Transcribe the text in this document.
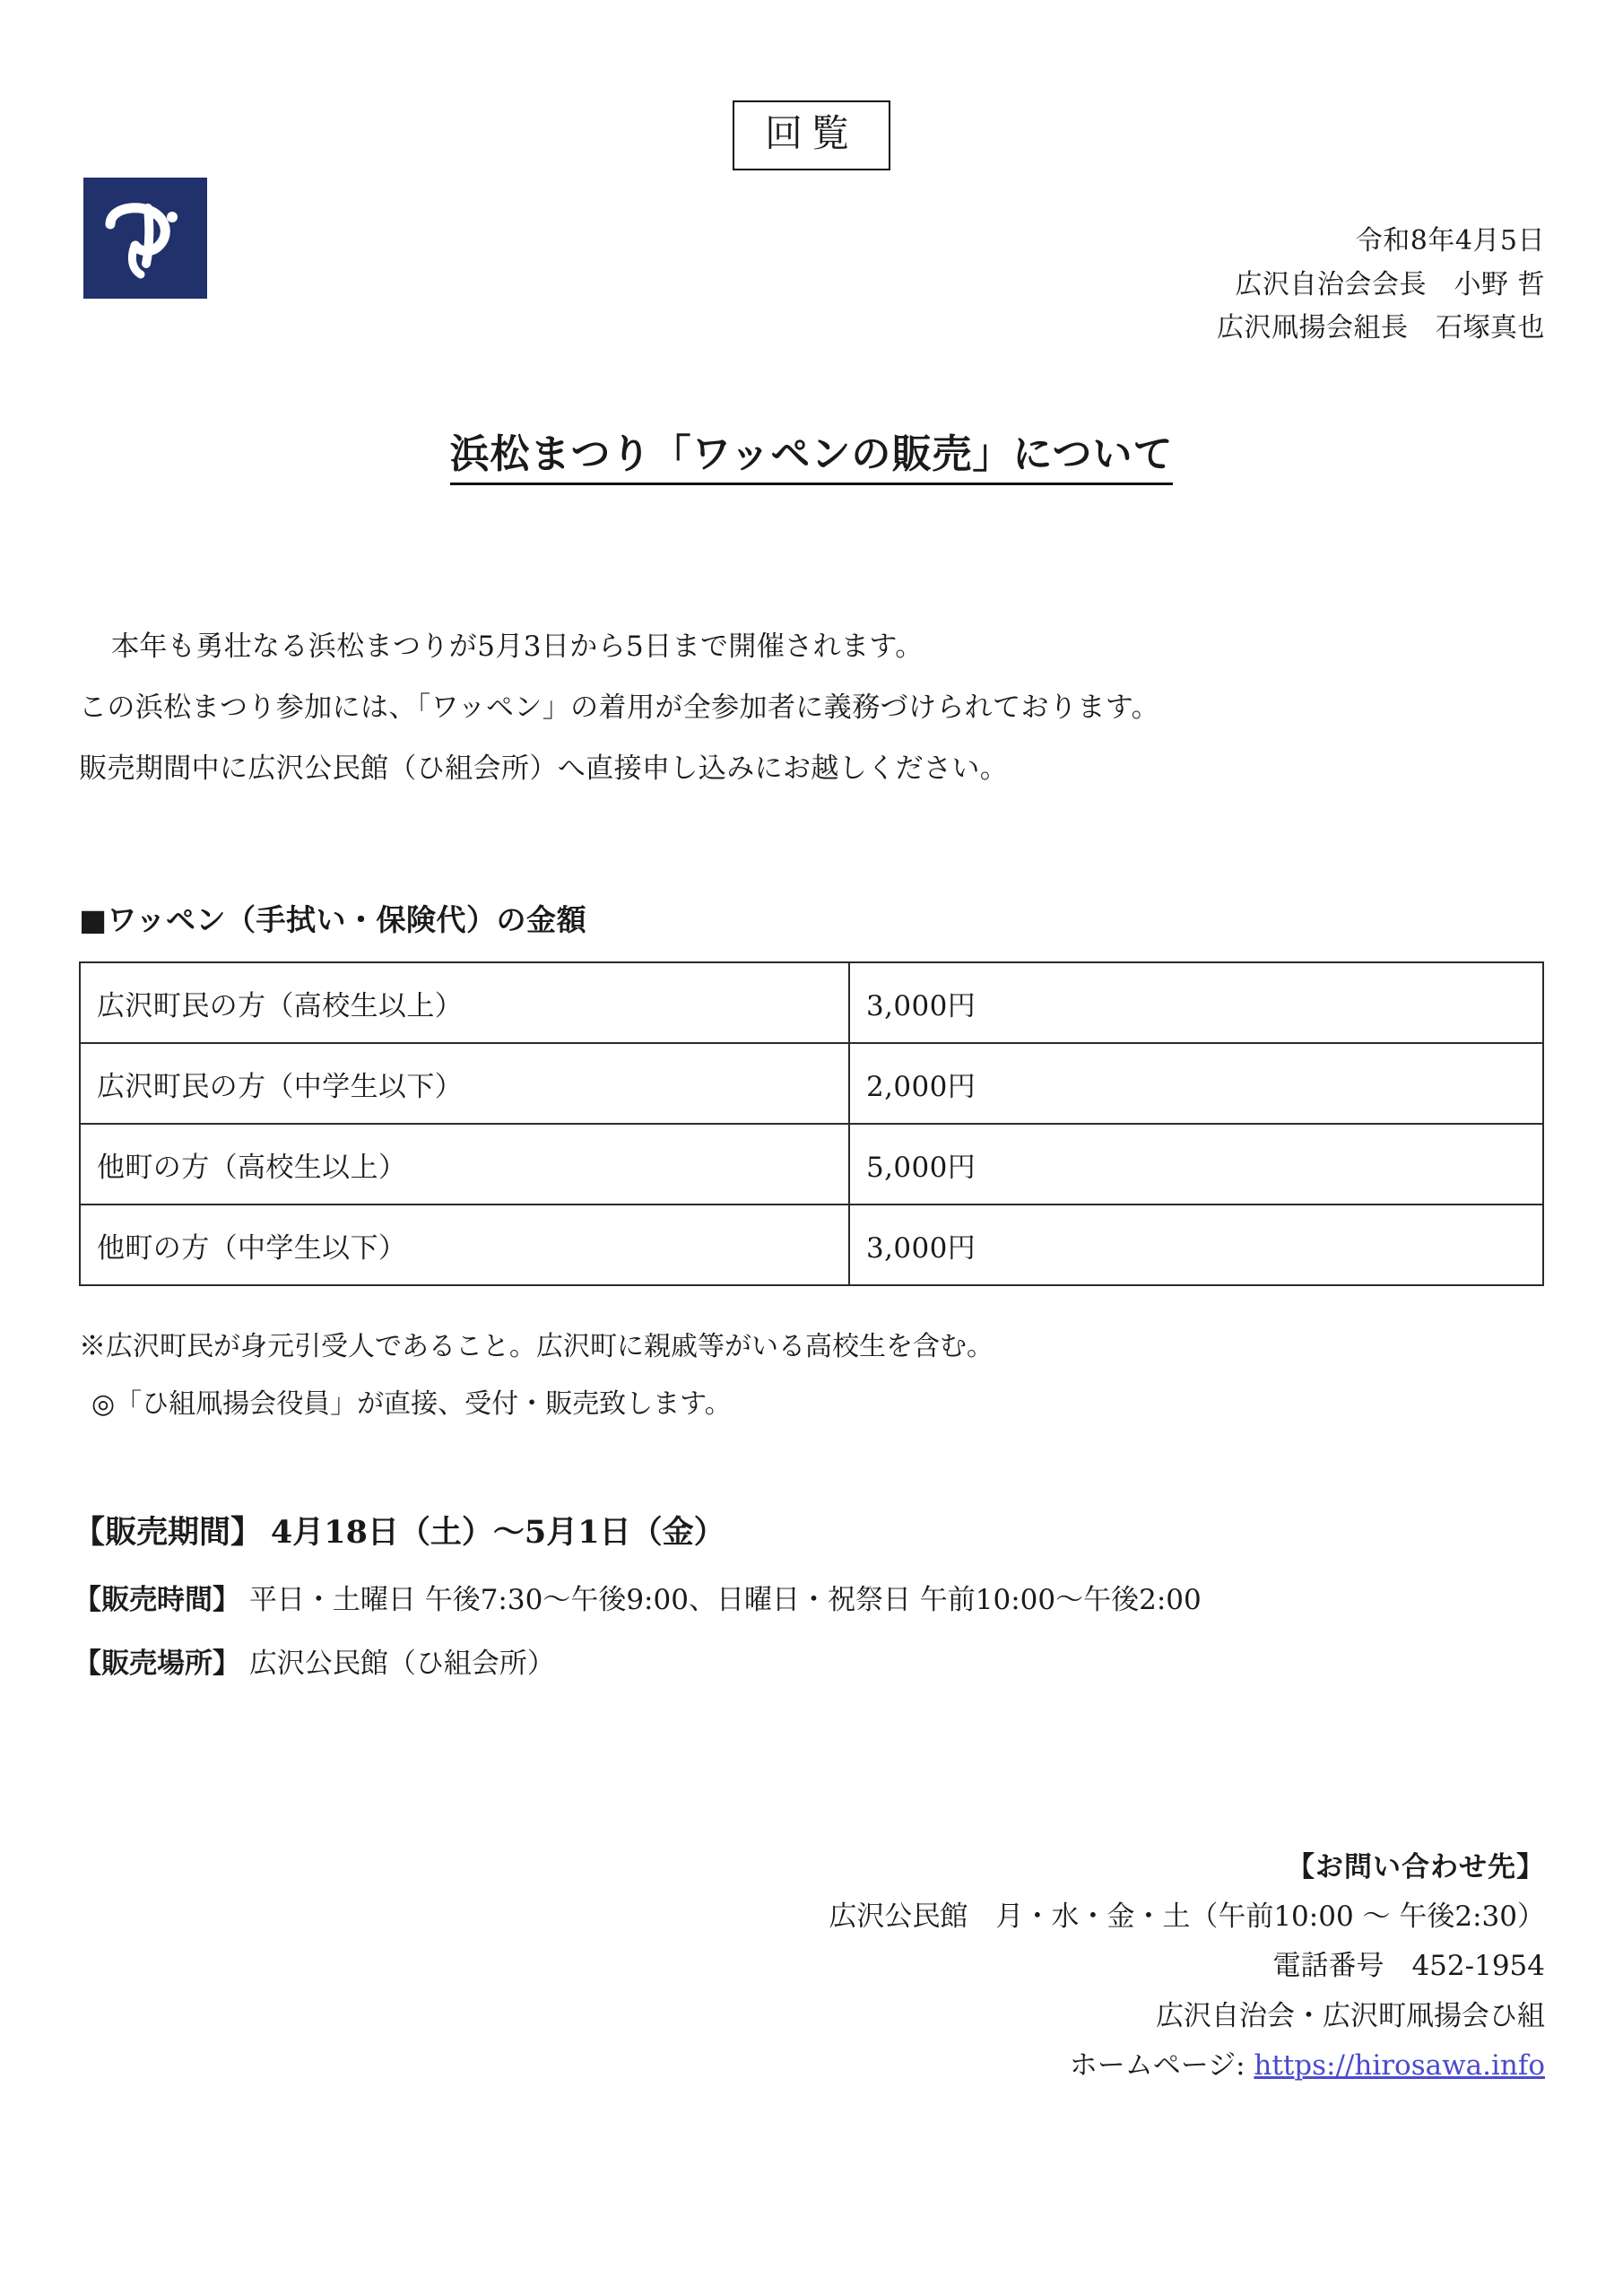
回覧
令和8年4月5日
広沢自治会会長　小野 哲
広沢凧揚会組長　石塚真也
浜松まつり「ワッペンの販売」について

本年も勇壮なる浜松まつりが5月3日から5日まで開催されます。

この浜松まつり参加には、「ワッペン」の着用が全参加者に義務づけられております。

販売期間中に広沢公民館（ひ組会所）へ直接申し込みにお越しください。

■ワッペン（手拭い・保険代）の金額
広沢町民の方（高校生以上）	3,000円
広沢町民の方（中学生以下）	2,000円
他町の方（高校生以上）	5,000円
他町の方（中学生以下）	3,000円

※広沢町民が身元引受人であること。広沢町に親戚等がいる高校生を含む。

◎「ひ組凧揚会役員」が直接、受付・販売致します。

【販売期間】 4月18日（土）～5月1日（金）
【販売時間】 平日・土曜日 午後7:30～午後9:00、日曜日・祝祭日 午前10:00～午後2:00
【販売場所】 広沢公民館（ひ組会所）
【お問い合わせ先】
広沢公民館　月・水・金・土（午前10:00 ～ 午後2:30）
電話番号　452-1954
広沢自治会・広沢町凧揚会ひ組
ホームページ: https://hirosawa.info
